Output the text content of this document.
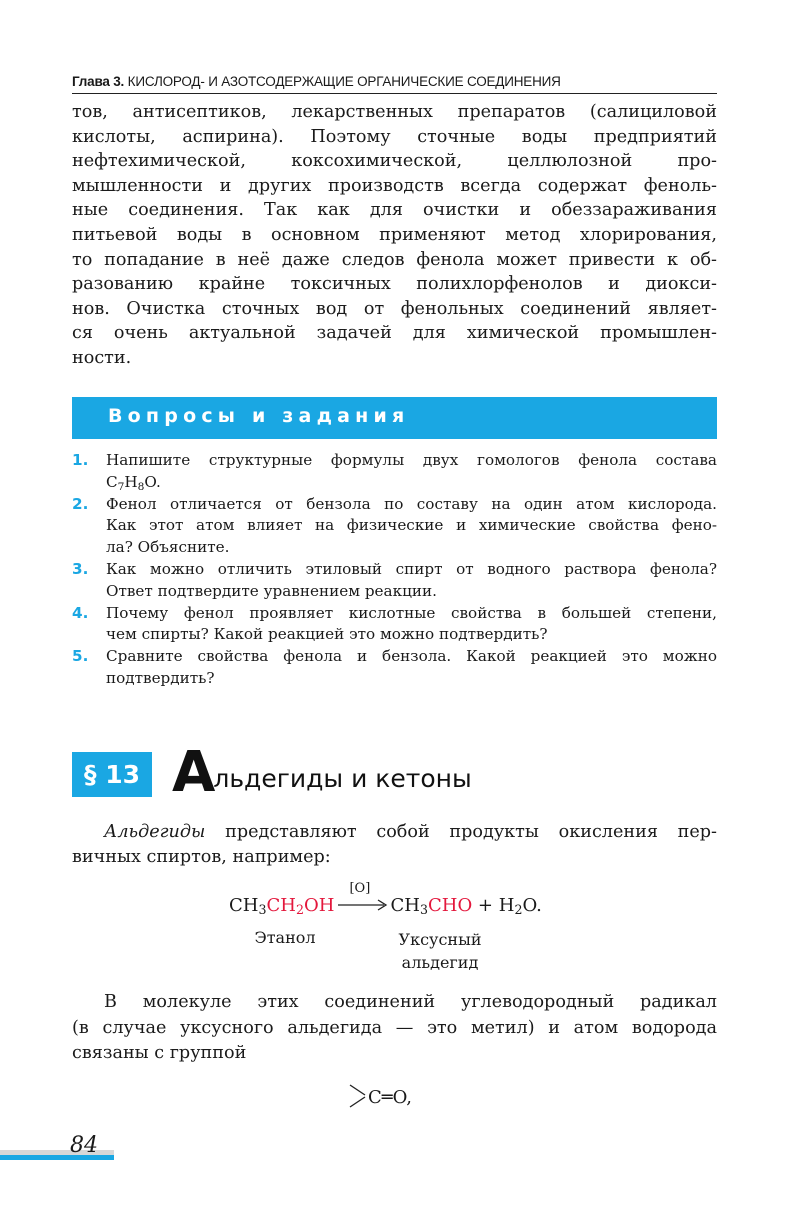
Глава 3. КИСЛОРОД- И АЗОТСОДЕРЖАЩИЕ ОРГАНИЧЕСКИЕ СОЕДИНЕНИЯ
тов, антисептиков, лекарственных препаратов (салициловой
кислоты, аспирина). Поэтому сточные воды предприятий
нефтехимической, коксохимической, целлюлозной про-
мышленности и других производств всегда содержат феноль-
ные соединения. Так как для очистки и обеззараживания
питьевой воды в основном применяют метод хлорирования,
то попадание в неё даже следов фенола может привести к об-
разованию крайне токсичных полихлорфенолов и диокси-
нов. Очистка сточных вод от фенольных соединений являет-
ся очень актуальной задачей для химической промышлен-
ности.
Вопросы и задания
1. Напишите структурные формулы двух гомологов фенола состава
$C_7H_8O$.
2. Фенол отличается от бензола по составу на один атом кислорода.
Как этот атом влияет на физические и химические свойства фено-
ла? Объясните.
3. Как можно отличить этиловый спирт от водного раствора фенола?
Ответ подтвердите уравнением реакции.
4. Почему фенол проявляет кислотные свойства в большей степени,
чем спирты? Какой реакцией это можно подтвердить?
5. Сравните свойства фенола и бензола. Какой реакцией это можно
подтвердить?
§ 13 Альдегиды и кетоны
Альдегиды представляют собой продукты окисления пер-
вичных спиртов, например:
$CH_3CH_2OH$
[O]
$CH_3CHO + H_2O$.
Этанол	Уксусный
альдегид
В молекуле этих соединений углеводородный радикал
(в случае уксусного альдегида — это метил) и атом водорода
связаны с группой
C═O,
84
